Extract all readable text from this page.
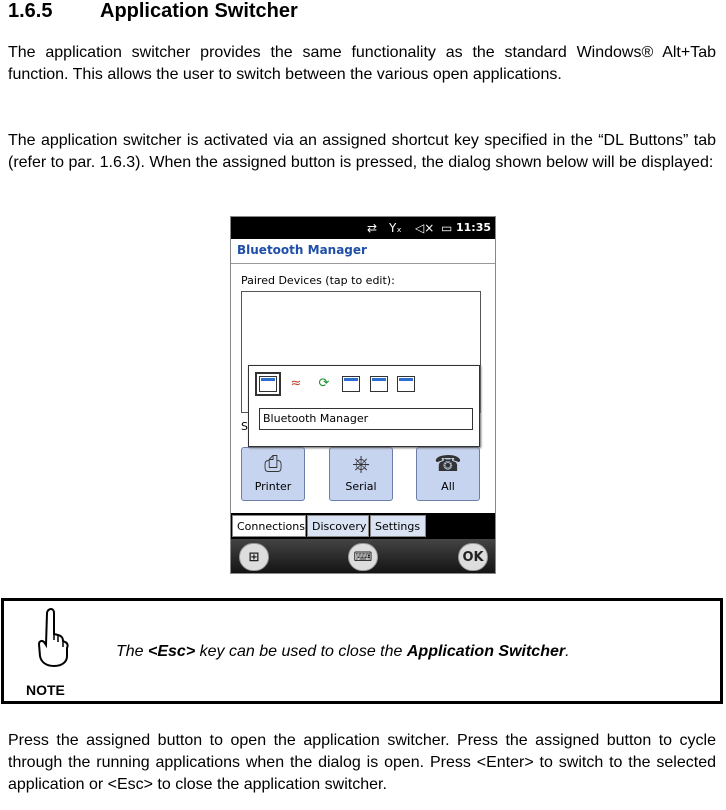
1.6.5 Application Switcher
The application switcher provides the same functionality as the standard Windows® Alt+Tab function. This allows the user to switch between the various open applications.
The application switcher is activated via an assigned shortcut key specified in the “DL Buttons” tab (refer to par. 1.6.3). When the assigned button is pressed, the dialog shown below will be displayed:
⇄ Yₓ ◁× ▭ 11:35
Bluetooth Manager
Paired Devices (tap to edit):
S
⎙
Printer
⎈
Serial
☎
All
Connections Discovery Settings
⊞	⌨	OK
≈ ⟳
Bluetooth Manager
NOTE
The <Esc> key can be used to close the Application Switcher.
Press the assigned button to open the application switcher. Press the assigned button to cycle through the running applications when the dialog is open. Press <Enter> to switch to the selected application or <Esc> to close the application switcher.
